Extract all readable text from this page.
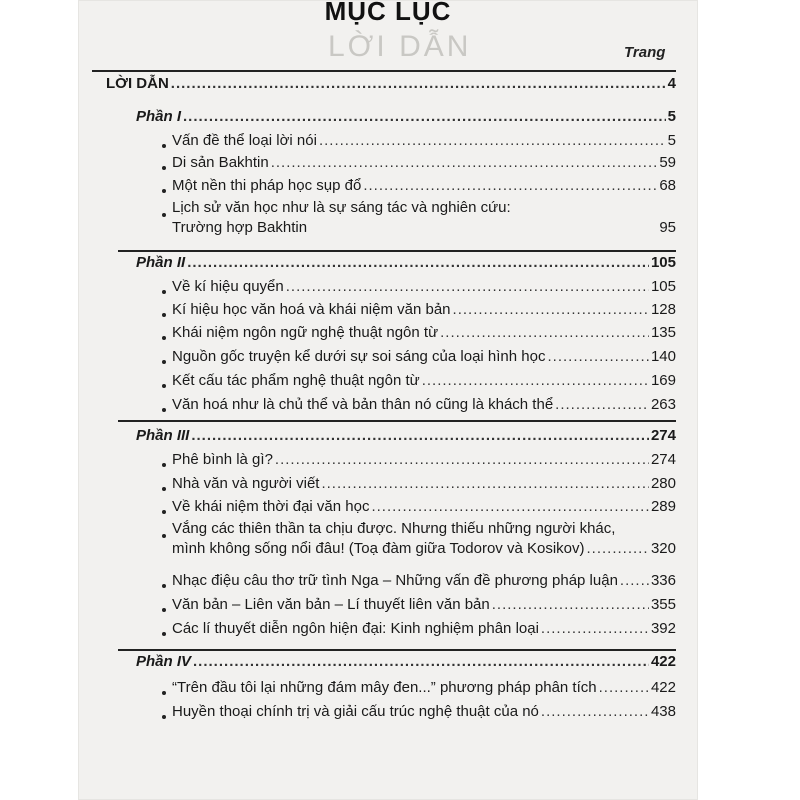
MỤC LỤC
LỜI DẪN	Trang
LỜI DẪN .....	4
Phần I .....	5
Vấn đề thể loại lời nói .....	5
Di sản Bakhtin .....	59
Một nền thi pháp học sụp đổ .....	68
Lịch sử văn học như là sự sáng tác và nghiên cứu:
Trường hợp Bakhtin	95
Phần II .....	105
Về kí hiệu quyển .....	105
Kí hiệu học văn hoá và khái niệm văn bản .....	128
Khái niệm ngôn ngữ nghệ thuật ngôn từ .....	135
Nguồn gốc truyện kể dưới sự soi sáng của loại hình học .....	140
Kết cấu tác phẩm nghệ thuật ngôn từ .....	169
Văn hoá như là chủ thể và bản thân nó cũng là khách thể .....	263
Phần III .....	274
Phê bình là gì? .....	274
Nhà văn và người viết .....	280
Về khái niệm thời đại văn học .....	289
Vắng các thiên thần ta chịu được. Nhưng thiếu những người khác,
mình không sống nổi đâu! (Toạ đàm giữa Todorov và Kosikov) .....	320
Nhạc điệu câu thơ trữ tình Nga – Những vấn đề phương pháp luận ..... 336
Văn bản – Liên văn bản – Lí thuyết liên văn bản .....	355
Các lí thuyết diễn ngôn hiện đại: Kinh nghiệm phân loại .....	392
Phần IV .....	422
“Trên đầu tôi lại những đám mây đen...” phương pháp phân tích .....	422
Huyền thoại chính trị và giải cấu trúc nghệ thuật của nó .....	438
